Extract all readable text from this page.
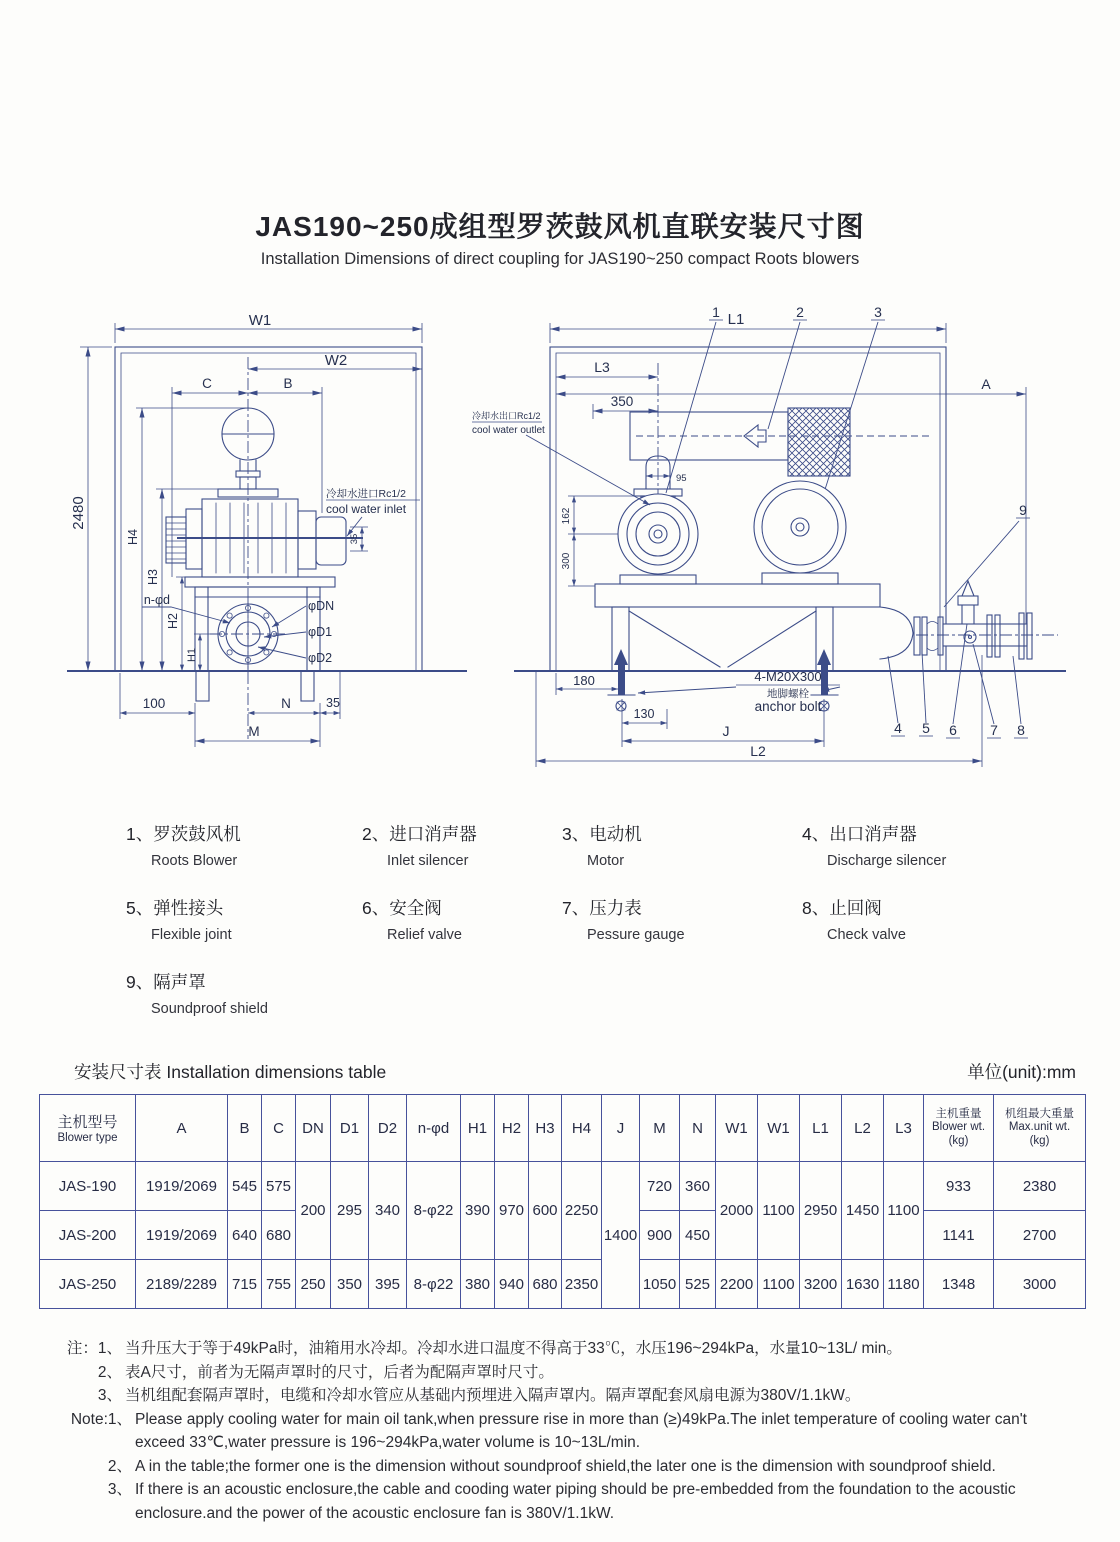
JAS190~250成组型罗茨鼓风机直联安装尺寸图
Installation Dimensions of direct coupling for JAS190~250 compact Roots blowers
W1
2480
W2
C	B
H4
H3
H2
H1
n-φd	φDN
φD1
φD2
冷却水进口Rc1/2
cool water inlet
35
100	N	35
M
L1
1	2	3
L3
A
350
95
162
300
9
180
130
J
L2
4-M20X300
地脚螺栓
anchor bolt
4 5 6 7 8
冷却水出口Rc1/2
cool water outlet
1、罗茨鼓风机
Roots Blower
2、进口消声器
Inlet silencer
3、电动机
Motor
4、出口消声器
Discharge silencer
5、弹性接头
Flexible joint
6、安全阀
Relief valve
7、压力表
Pessure gauge
8、止回阀
Check valve
9、隔声罩
Soundproof shield
安装尺寸表 Installation dimensions table	单位(unit):mm
主机型号
Blower type	A	B	C	DN	D1	D2	n-φd	H1	H2	H3	H4	J	M	N	W1	W1	L1	L2	L3	主机重量
Blower wt.
(kg)	机组最大重量
Max.unit wt.
(kg)

JAS-190	1919/2069	545	575	200	295	340	8-φ22	390	970	600	2250	1400	720	360	2000	1100	2950	1450	1100	933	2380
JAS-200	1919/2069	640	680										900	450						1141	2700
JAS-250	2189/2289	715	755	250	350	395	8-φ22	380	940	680	2350		1050	525	2200	1100	3200	1630	1180	1348	3000
注：1、 当升压大于等于49kPa时，油箱用水冷却。冷却水进口温度不得高于33℃，水压196~294kPa，水量10~13L/ min。
2、 表A尺寸，前者为无隔声罩时的尺寸，后者为配隔声罩时尺寸。
3、 当机组配套隔声罩时，电缆和冷却水管应从基础内预埋进入隔声罩内。隔声罩配套风扇电源为380V/1.1kW。
Note:1、 Please apply cooling water for main oil tank,when pressure rise in more than (≥)49kPa.The inlet temperature of cooling water can't exceed 33℃,water pressure is 196~294kPa,water volume is 10~13L/min.
2、 A in the table;the former one is the dimension without soundproof shield,the later one is the dimension with soundproof shield.
3、 If there is an acoustic enclosure,the cable and cooding water piping should be pre-embedded from the foundation to the acoustic enclosure.and the power of the acoustic enclosure fan is 380V/1.1kW.
